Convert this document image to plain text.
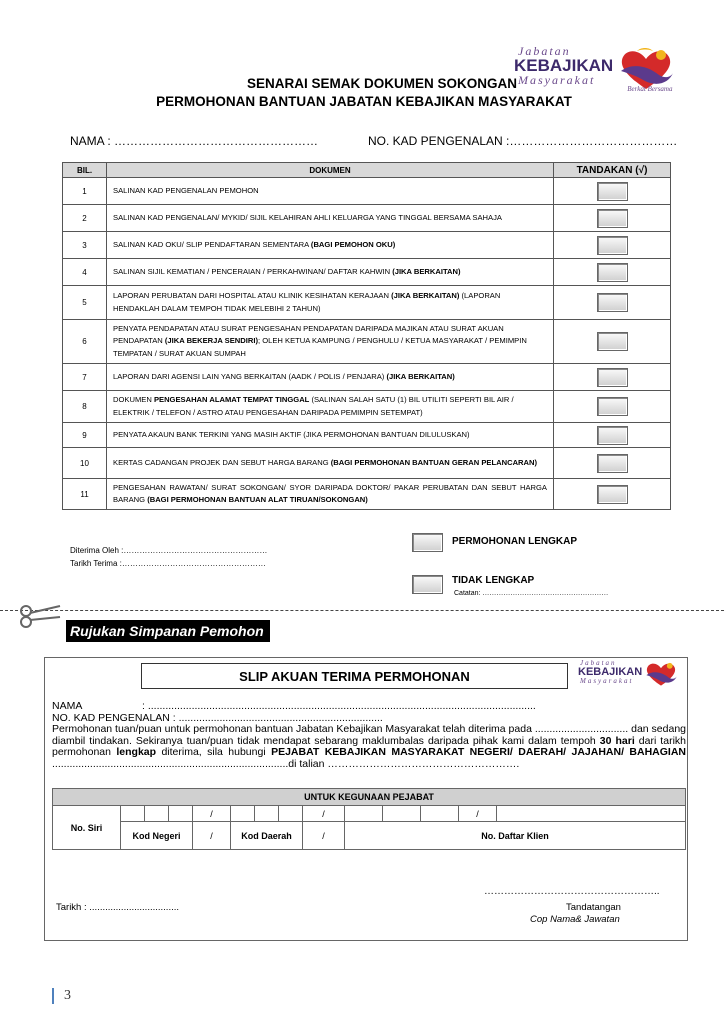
Jabatan
KEBAJIKAN
Masyarakat
Berkat Bersama
SENARAI SEMAK DOKUMEN SOKONGAN
PERMOHONAN BANTUAN JABATAN KEBAJIKAN MASYARAKAT
NAMA : ……………………………………………	NO. KAD PENGENALAN :……………………………………
BIL.	DOKUMEN	TANDAKAN (√)
1	SALINAN KAD PENGENALAN PEMOHON	
2	SALINAN KAD PENGENALAN/ MYKID/ SIJIL KELAHIRAN AHLI KELUARGA YANG TINGGAL BERSAMA SAHAJA	
3	SALINAN KAD OKU/ SLIP PENDAFTARAN SEMENTARA (BAGI PEMOHON OKU)	
4	SALINAN SIJIL KEMATIAN / PENCERAIAN / PERKAHWINAN/ DAFTAR KAHWIN (JIKA BERKAITAN)	
5	LAPORAN PERUBATAN DARI HOSPITAL ATAU KLINIK KESIHATAN KERAJAAN (JIKA BERKAITAN) (LAPORAN HENDAKLAH DALAM TEMPOH TIDAK MELEBIHI 2 TAHUN)	
6	PENYATA PENDAPATAN ATAU SURAT PENGESAHAN PENDAPATAN DARIPADA MAJIKAN ATAU SURAT AKUAN PENDAPATAN (JIKA BEKERJA SENDIRI); OLEH KETUA KAMPUNG / PENGHULU / KETUA MASYARAKAT / PEMIMPIN TEMPATAN / SURAT AKUAN SUMPAH	
7	LAPORAN DARI AGENSI LAIN YANG BERKAITAN (AADK / POLIS / PENJARA) (JIKA BERKAITAN)	
8	DOKUMEN PENGESAHAN ALAMAT TEMPAT TINGGAL (SALINAN SALAH SATU (1) BIL UTILITI SEPERTI BIL AIR / ELEKTRIK / TELEFON / ASTRO ATAU PENGESAHAN DARIPADA PEMIMPIN SETEMPAT)	
9	PENYATA AKAUN BANK TERKINI YANG MASIH AKTIF (JIKA PERMOHONAN BANTUAN DILULUSKAN)	
10	KERTAS CADANGAN PROJEK DAN SEBUT HARGA BARANG (BAGI PERMOHONAN BANTUAN GERAN PELANCARAN)	
11	PENGESAHAN RAWATAN/ SURAT SOKONGAN/ SYOR DARIPADA DOKTOR/ PAKAR PERUBATAN DAN SEBUT HARGA BARANG (BAGI PERMOHONAN BANTUAN ALAT TIRUAN/SOKONGAN)	
Diterima Oleh :………………………………………………
Tarikh Terima :………………………………………………
PERMOHONAN LENGKAP
TIDAK LENGKAP
Catatan: ………………………………………………
Rujukan Simpanan Pemohon
SLIP AKUAN TERIMA PERMOHONAN
Jabatan
KEBAJIKAN
Masyarakat
NAMA	: .....................................................................................................................................
NO. KAD PENGENALAN : ......................................................................
Permohonan tuan/puan untuk permohonan bantuan Jabatan Kebajikan Masyarakat telah diterima pada ................................ dan sedang diambil tindakan. Sekiranya tuan/puan tidak mendapat sebarang maklumbalas daripada pihak kami dalam tempoh 30 hari dari tarikh permohonan lengkap diterima, sila hubungi PEJABAT KEBAJIKAN MASYARAKAT NEGERI/ DAERAH/ JAJAHAN/ BAHAGIAN .................................................................................di talian ……………………………………………….
UNTUK KEGUNAAN PEJABAT													
No. Siri				/				/				/	
	Kod Negeri			/	Kod Daerah			/	No. Daftar Klien				
Tarikh : ..................................
……………………………………………..
Tandatangan
Cop Nama& Jawatan
3
